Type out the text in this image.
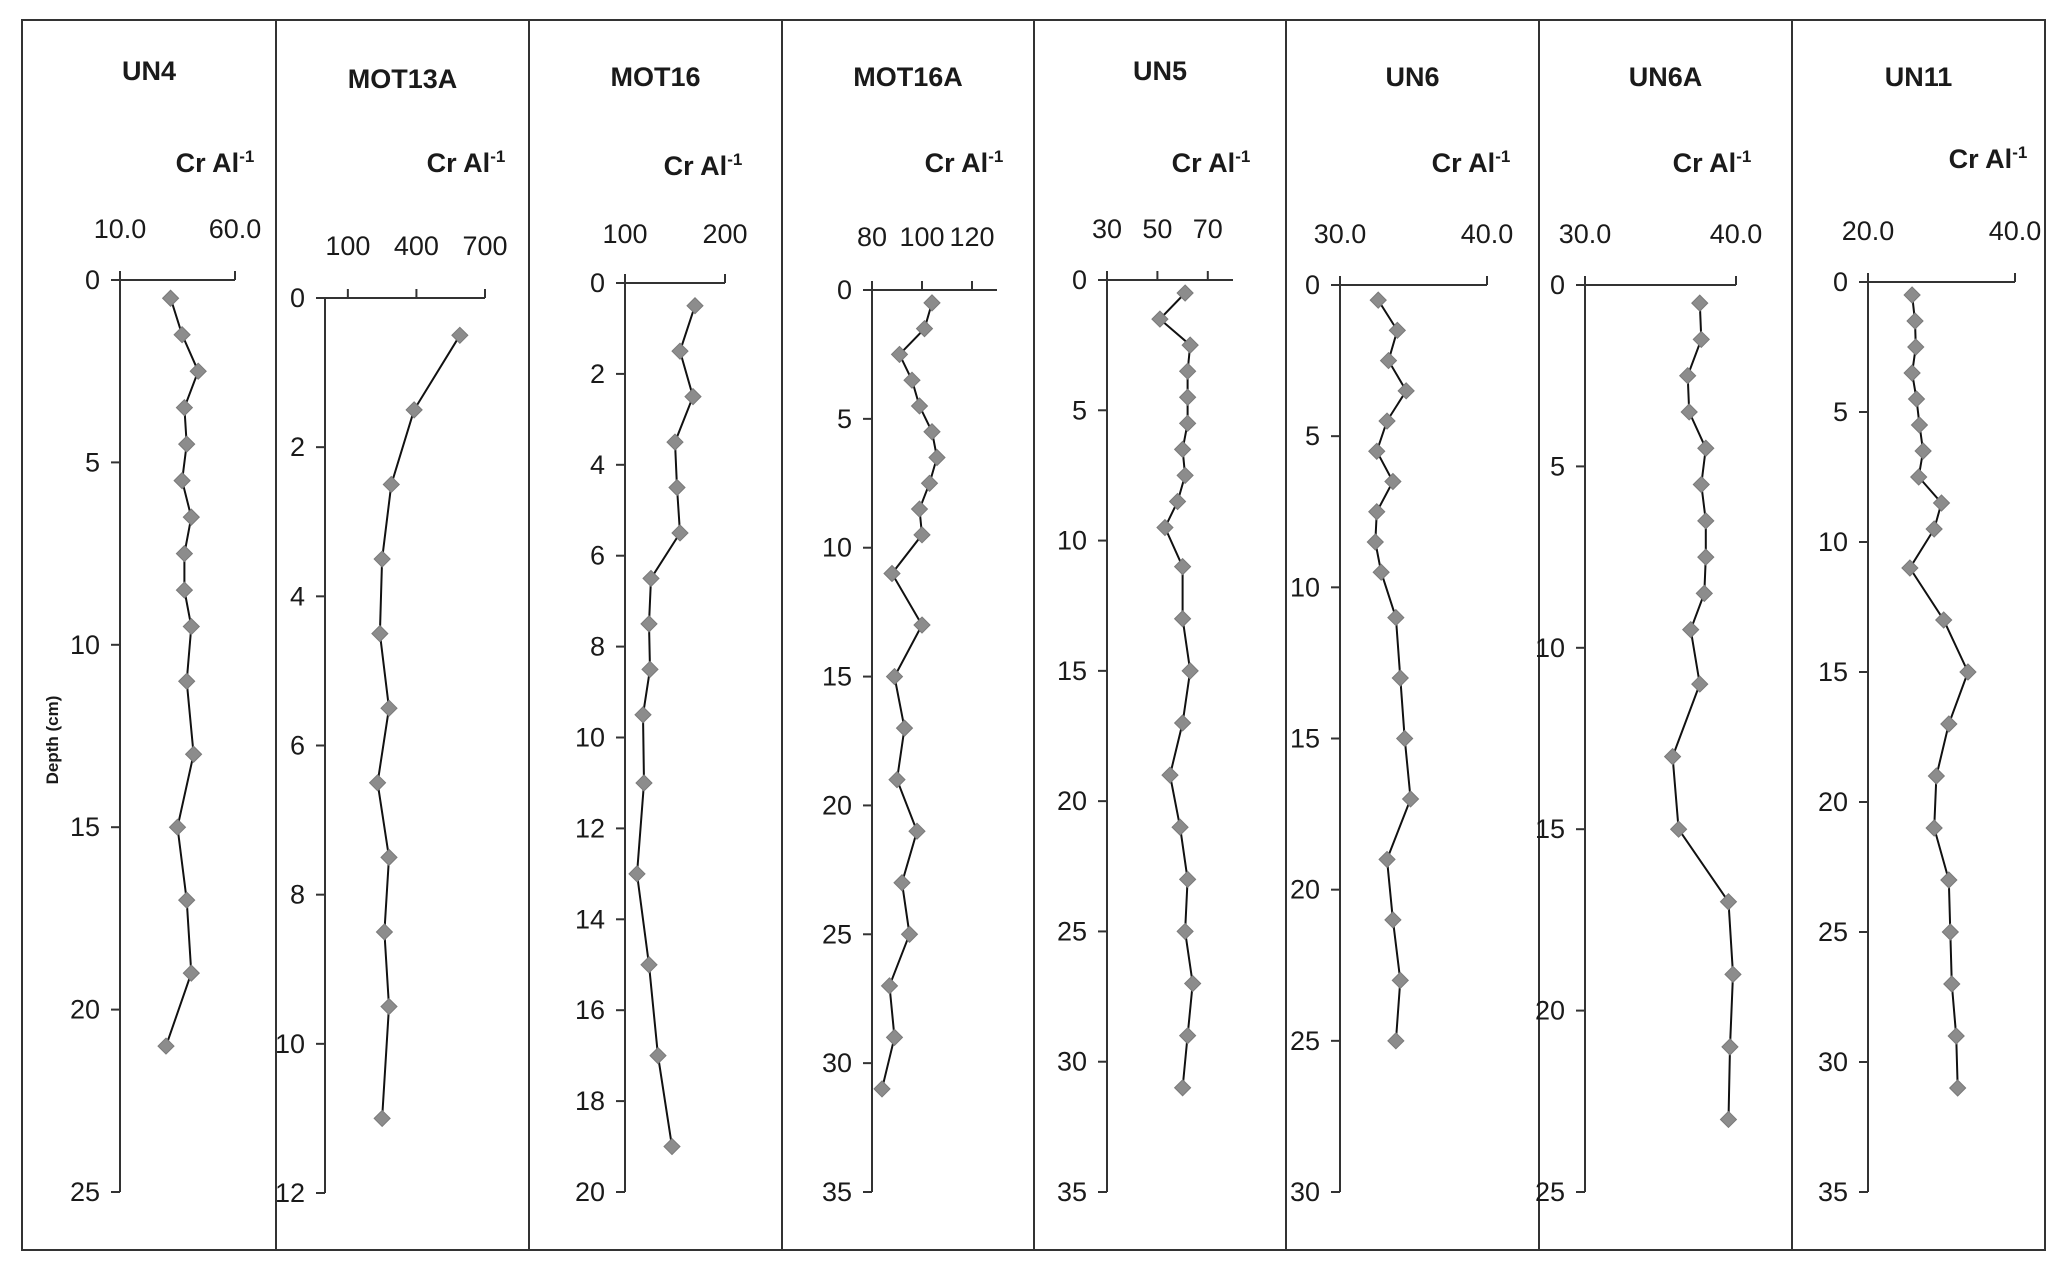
UN4
Cr $Al^{-1}$
10.0 60.0
0
5
10
15
20
25
MOT13A
Cr $Al^{-1}$
100 400 700
0
2
4
6
8
10
12
MOT16
Cr $Al^{-1}$
100 200
0
2
4
6
8
10
12
14
16
18
20
MOT16A
Cr $Al^{-1}$
80 100 120
0
5
10
15
20
25
30
35
UN5
Cr $Al^{-1}$
30 50 70
0
5
10
15
20
25
30
35
UN6
Cr $Al^{-1}$
30.0	40.0
0
5
10
15
20
25
30
UN6A
Cr $Al^{-1}$
30.0	40.0
0
5
10
15
20
25
UN11
Cr $Al^{-1}$
20.0	40.0
0
5
10
15
20
25
30
35
Depth (cm)
